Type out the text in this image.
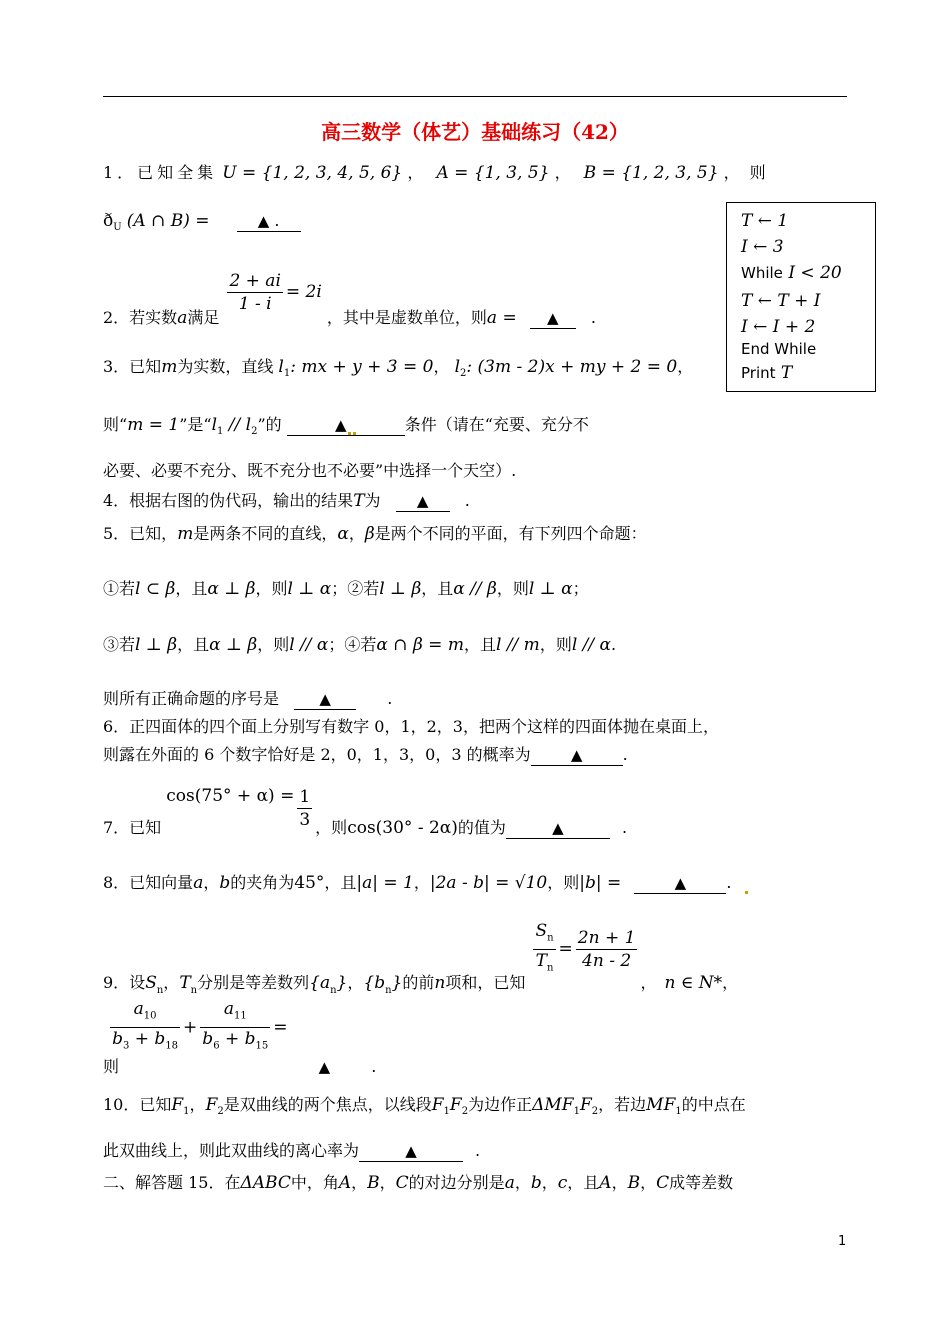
高三数学（体艺）基础练习（42）
T ← 1
I ← 3
While I < 20
T ← T + I
I ← I + 2
End While
Print T
1．已知全集 U = {1, 2, 3, 4, 5, 6} ， A = {1, 3, 5} ， B = {1, 2, 3, 5} ，则
$ð_U$ (A ∩ B) =	▲ .
2．若实数a满足
$\frac{2 + ai}{1 - i} = 2i$ ，其中是虚数单位，则a = ▲ .
3．已知m为实数，直线 $l_1$: mx + y + 3 = 0， $l_2$: (3m - 2)x + my + 2 = 0，
则“m = 1”是“$l_1 // l_2$”的	▲	条件（请在“充要、充分不
必要、必要不充分、既不充分也不必要”中选择一个天空）.
4．根据右图的伪代码，输出的结果T为 ▲ .
5．已知，m是两条不同的直线，α，β是两个不同的平面，有下列四个命题：
①若l ⊂ β，且α ⊥ β，则l ⊥ α；②若l ⊥ β，且α // β，则l ⊥ α；
③若l ⊥ β，且α ⊥ β，则l // α；④若α ∩ β = m，且l // m，则l // α.
则所有正确命题的序号是	▲	.
6．正四面体的四个面上分别写有数字 0，1，2，3，把两个这样的四面体抛在桌面上，
则露在外面的 6 个数字恰好是 2，0，1，3，0，3 的概率为	▲	.
7．已知 $\cos(75^\circ + \alpha) = \frac{1}{3}$ ，则cos(30° - 2α)的值为	▲	.
8．已知向量a，b的夹角为45°，且|a| = 1，|2a - b| = √10，则|b| =	▲	.
9．设$S_n$，$T_n$分别是等差数列$\{a_n\}$，$\{b_n\}$的前n项和，已知
$\frac{S_n}{T_n} = \frac{2n + 1}{4n - 2}$
， n ∈ N*，
则
$\frac{a_{10}}{b_3 + b_{18}} + \frac{a_{11}}{b_6 + b_{15}}$ = ▲	.
10．已知$F_1$，$F_2$是双曲线的两个焦点，以线段$F_1F_2$为边作正$\Delta MF_1F_2$，若边$MF_1$的中点在
此双曲线上，则此双曲线的离心率为	▲	.
二、解答题 15．在ΔABC中，角A，B，C的对边分别是a，b，c，且A，B，C成等差数
1
